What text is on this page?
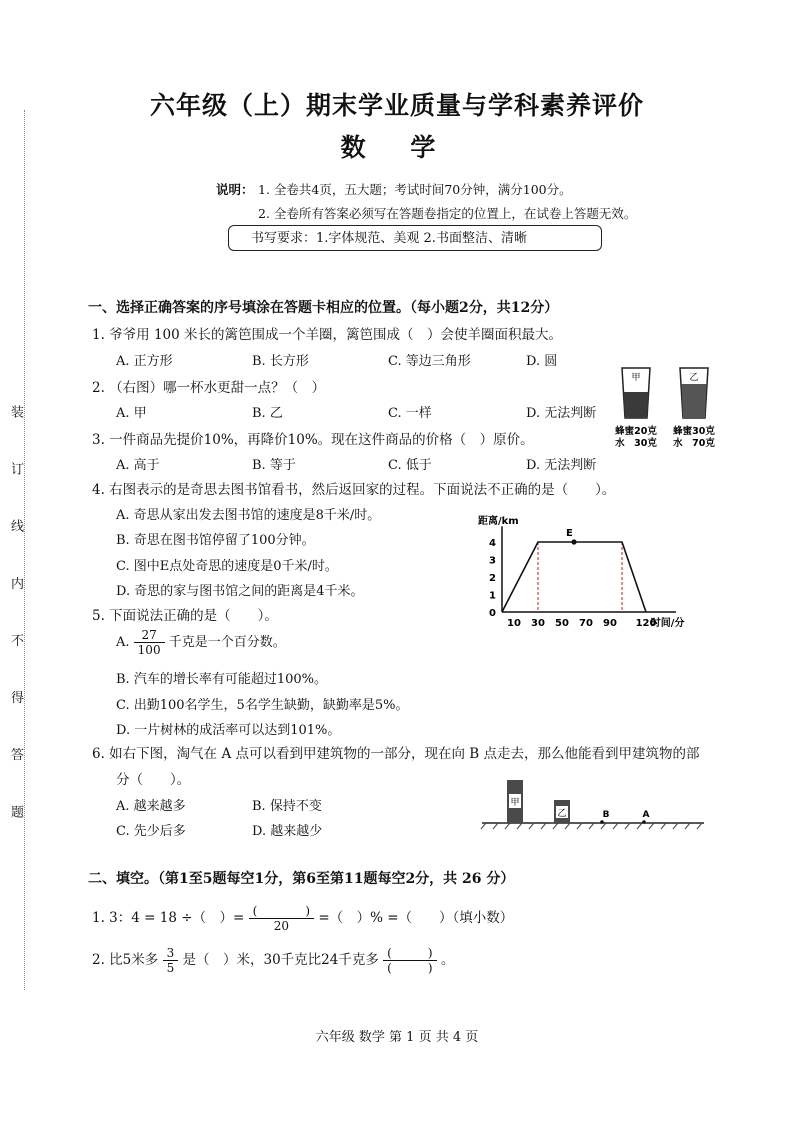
装 订 线 内 不 得 答 题
六年级（上）期末学业质量与学科素养评价
数 学
说明： 1. 全卷共4页，五大题；考试时间70分钟，满分100分。
2. 全卷所有答案必须写在答题卷指定的位置上，在试卷上答题无效。
书写要求：1.字体规范、美观 2.书面整洁、清晰
一、选择正确答案的序号填涂在答题卡相应的位置。（每小题2分，共12分）
1. 爷爷用 100 米长的篱笆围成一个羊圈，篱笆围成（　）会使羊圈面积最大。
A. 正方形	B. 长方形	C. 等边三角形	D. 圆
2. （右图）哪一杯水更甜一点？（　）
A. 甲	B. 乙	C. 一样	D. 无法判断
甲	乙
蜂蜜20克
水　30克
蜂蜜30克
水　70克
3. 一件商品先提价10%，再降价10%。现在这件商品的价格（　）原价。
A. 高于	B. 等于	C. 低于	D. 无法判断
4. 右图表示的是奇思去图书馆看书，然后返回家的过程。下面说法不正确的是（　　）。
A. 奇思从家出发去图书馆的速度是8千米/时。
B. 奇思在图书馆停留了100分钟。
C. 图中E点处奇思的速度是0千米/时。
D. 奇思的家与图书馆之间的距离是4千米。
距离/km
时间/分
0
1
2
3
4
10 30 50 70 90 120
E
5. 下面说法正确的是（　　）。
A. $\frac{27}{100}$ 千克是一个百分数。
B. 汽车的增长率有可能超过100%。
C. 出勤100名学生，5名学生缺勤，缺勤率是5%。
D. 一片树林的成活率可以达到101%。
6. 如右下图，淘气在 A 点可以看到甲建筑物的一部分，现在向 B 点走去，那么他能看到甲建筑物的部
分（　　）。
A. 越来越多	B. 保持不变
C. 先少后多	D. 越来越少
甲
乙	B	A
二、填空。（第1至5题每空1分，第6至第11题每空2分，共 26 分）
1. 3：4 = 18 ÷（　）= $\frac{( )}{20}$ =（　）% =（　　）（填小数）
2. 比5米多 $\frac{3}{5}$ 是（　）米，30千克比24千克多 $\frac{( )}{( )}$ 。
六年级 数学 第 1 页 共 4 页
